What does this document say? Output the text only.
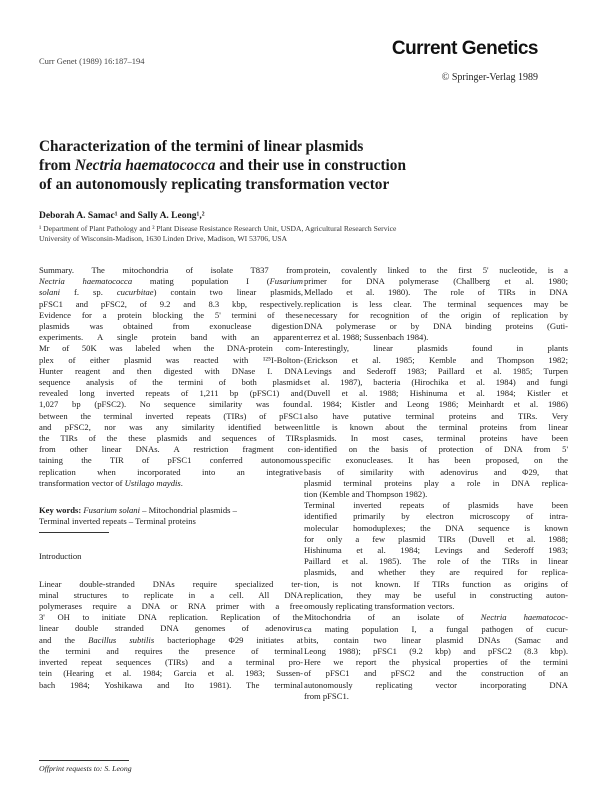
Curr Genet (1989) 16:187–194
Current Genetics
© Springer-Verlag 1989
Characterization of the termini of linear plasmids
from Nectria haematococca and their use in construction
of an autonomously replicating transformation vector
Deborah A. Samac¹ and Sally A. Leong¹,²
¹ Department of Plant Pathology and ² Plant Disease Resistance Research Unit, USDA, Agricultural Research Service
University of Wisconsin-Madison, 1630 Linden Drive, Madison, WI 53706, USA
Summary. The mitochondria of isolate T837 from
Nectria haematococca mating population I (Fusarium
solani f. sp. cucurbitae) contain two linear plasmids,
pFSC1 and pFSC2, of 9.2 and 8.3 kbp, respectively.
Evidence for a protein blocking the 5' termini of these
plasmids was obtained from exonuclease digestion
experiments. A single protein band with an apparent
Mr of 50K was labeled when the DNA-protein com-
plex of either plasmid was reacted with ¹²⁵I-Bolton-
Hunter reagent and then digested with DNase I. DNA
sequence analysis of the termini of both plasmids
revealed long inverted repeats of 1,211 bp (pFSC1) and
1,027 bp (pFSC2). No sequence similarity was found
between the terminal inverted repeats (TIRs) of pFSC1
and pFSC2, nor was any similarity identified between
the TIRs of the these plasmids and sequences of TIRs
from other linear DNAs. A restriction fragment con-
taining the TIR of pFSC1 conferred autonomous
replication when incorporated into an integrative
transformation vector of Ustilago maydis.
Key words: Fusarium solani – Mitochondrial plasmids –
Terminal inverted repeats – Terminal proteins
Introduction
Linear double-stranded DNAs require specialized ter-
minal structures to replicate in a cell. All DNA
polymerases require a DNA or RNA primer with a free
3' OH to initiate DNA replication. Replication of the
linear double stranded DNA genomes of adenovirus
and the Bacillus subtilis bacteriophage Φ29 initiates at
the termini and requires the presence of terminal
inverted repeat sequences (TIRs) and a terminal pro-
tein (Hearing et al. 1984; Garcia et al. 1983; Sussen-
bach 1984; Yoshikawa and Ito 1981). The terminal
protein, covalently linked to the first 5' nucleotide, is a
primer for DNA polymerase (Challberg et al. 1980;
Mellado et al. 1980). The role of TIRs in DNA
replication is less clear. The terminal sequences may be
necessary for recognition of the origin of replication by
DNA polymerase or by DNA binding proteins (Guti-
errez et al. 1988; Sussenbach 1984).
Interestingly, linear plasmids found in plants
(Erickson et al. 1985; Kemble and Thompson 1982;
Levings and Sederoff 1983; Paillard et al. 1985; Turpen
et al. 1987), bacteria (Hirochika et al. 1984) and fungi
(Duvell et al. 1988; Hishinuma et al. 1984; Kistler et
al. 1984; Kistler and Leong 1986; Meinhardt et al. 1986)
also have putative terminal proteins and TIRs. Very
little is known about the terminal proteins from linear
plasmids. In most cases, terminal proteins have been
identified on the basis of protection of DNA from 5'
specific exonucleases. It has been proposed, on the
basis of similarity with adenovirus and Φ29, that
plasmid terminal proteins play a role in DNA replica-
tion (Kemble and Thompson 1982).
Terminal inverted repeats of plasmids have been
identified primarily by electron microscopy of intra-
molecular homoduplexes; the DNA sequence is known
for only a few plasmid TIRs (Duvell et al. 1988;
Hishinuma et al. 1984; Levings and Sederoff 1983;
Paillard et al. 1985). The role of the TIRs in linear
plasmids, and whether they are required for replica-
tion, is not known. If TIRs function as origins of
replication, they may be useful in constructing auton-
omously replicating transformation vectors.
Mitochondria of an isolate of Nectria haematococ-
ca mating population I, a fungal pathogen of cucur-
bits, contain two linear plasmid DNAs (Samac and
Leong 1988); pFSC1 (9.2 kbp) and pFSC2 (8.3 kbp).
Here we report the physical properties of the termini
of pFSC1 and pFSC2 and the construction of an
autonomously replicating vector incorporating DNA
from pFSC1.
Offprint requests to: S. Leong
